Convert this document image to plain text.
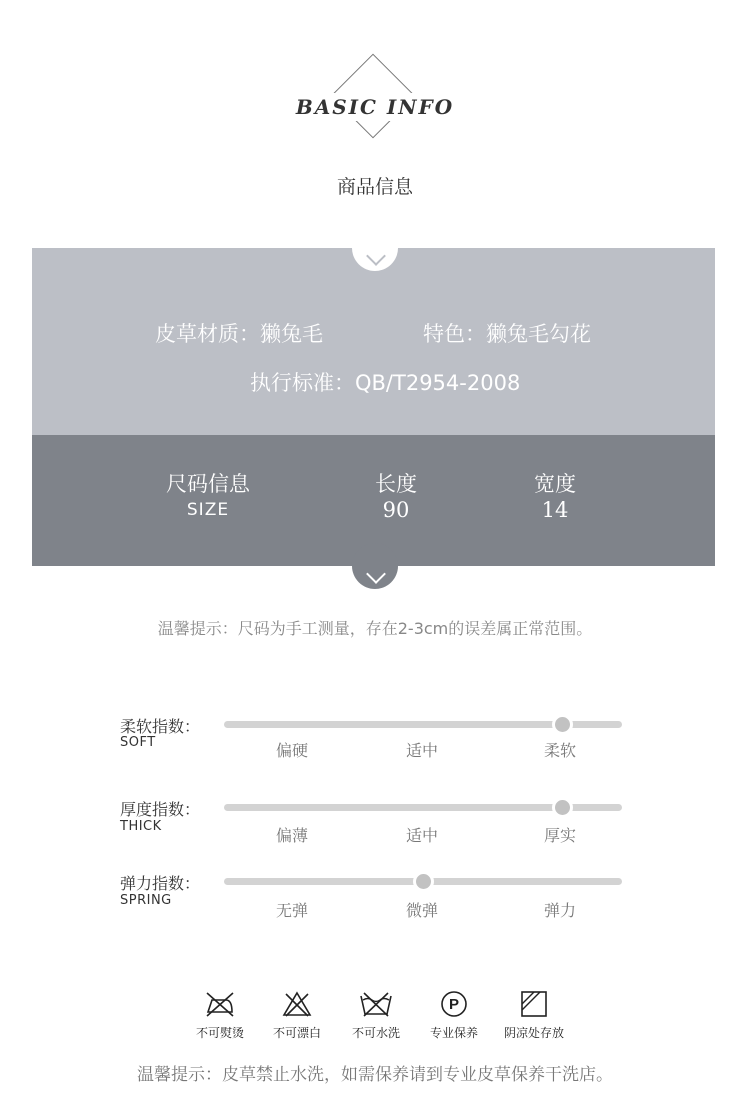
BASIC INFO
商品信息
皮草材质：獭兔毛	特色：獭兔毛勾花
执行标准：QB/T2954-2008
尺码信息
SIZE
长度
90
宽度
14
温馨提示：尺码为手工测量，存在2-3cm的误差属正常范围。
柔软指数：
SOFT	偏硬	适中	柔软
厚度指数：
THICK	偏薄	适中	厚实
弹力指数：
SPRING
无弹	微弹	弹力
不可熨烫	不可漂白	不可水洗
P
专业保养	阴凉处存放
温馨提示：皮草禁止水洗，如需保养请到专业皮草保养干洗店。
